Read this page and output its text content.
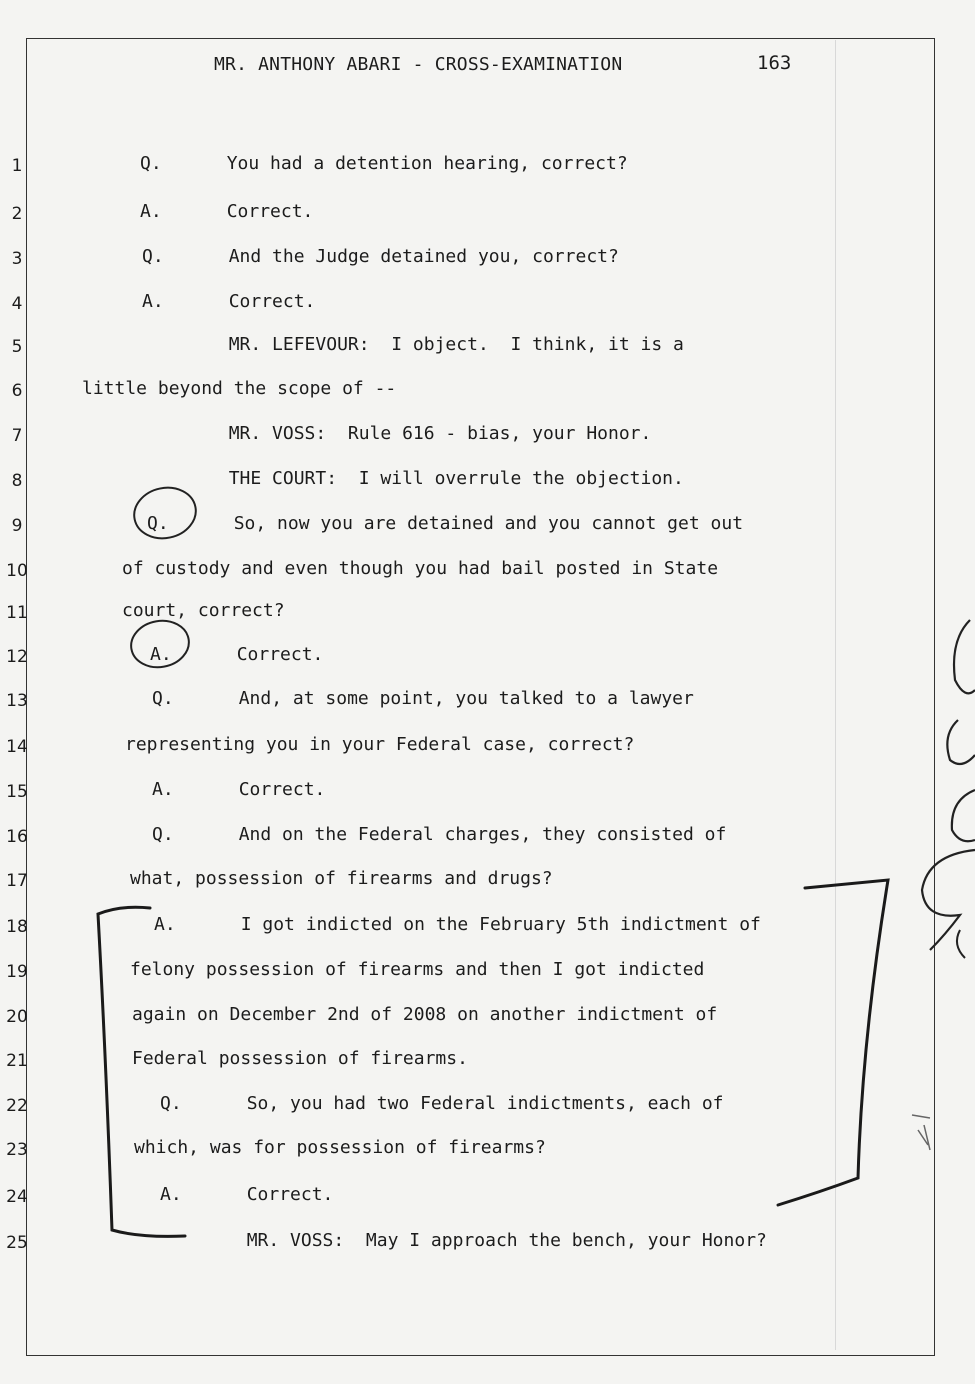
MR. ANTHONY ABARI - CROSS-EXAMINATION	163
1	Q.      You had a detention hearing, correct?
2	A.      Correct.
3	Q.      And the Judge detained you, correct?
4	A.      Correct.
5	MR. LEFEVOUR:  I object.  I think, it is a
6	little beyond the scope of --
7	MR. VOSS:  Rule 616 - bias, your Honor.
8	THE COURT:  I will overrule the objection.
9	Q.      So, now you are detained and you cannot get out
10	of custody and even though you had bail posted in State
11	court, correct?
12	A.      Correct.
13	Q.      And, at some point, you talked to a lawyer
14	representing you in your Federal case, correct?
15	A.      Correct.
16	Q.      And on the Federal charges, they consisted of
17	what, possession of firearms and drugs?
18	A.      I got indicted on the February 5th indictment of
19	felony possession of firearms and then I got indicted
20	again on December 2nd of 2008 on another indictment of
21	Federal possession of firearms.
22	Q.      So, you had two Federal indictments, each of
23	which, was for possession of firearms?
24	A.      Correct.
25	MR. VOSS:  May I approach the bench, your Honor?
